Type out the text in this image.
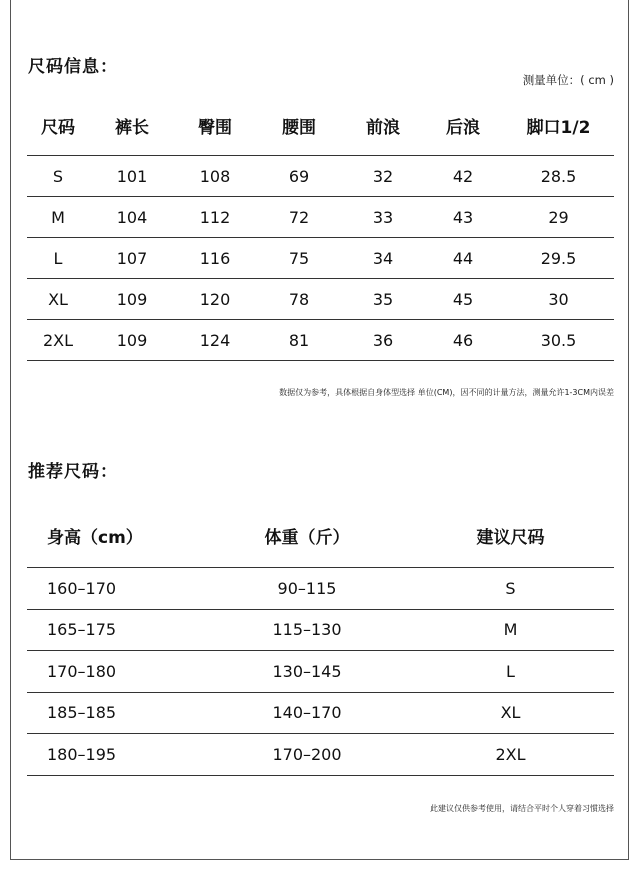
尺码信息：
测量单位：( cm )
尺码	裤长	臀围	腰围	前浪	后浪	脚口1/2
S	101	108	69	32	42	28.5
M	104	112	72	33	43	29
L	107	116	75	34	44	29.5
XL	109	120	78	35	45	30
2XL	109	124	81	36	46	30.5
数据仅为参考，具体根据自身体型选择 单位(CM)，因不同的计量方法，测量允许1-3CM内误差
推荐尺码：
身高（cm）	体重（斤）	建议尺码
160–170	90–115	S
165–175	115–130	M
170–180	130–145	L
185–185	140–170	XL
180–195	170–200	2XL
此建议仅供参考使用，请结合平时个人穿着习惯选择
